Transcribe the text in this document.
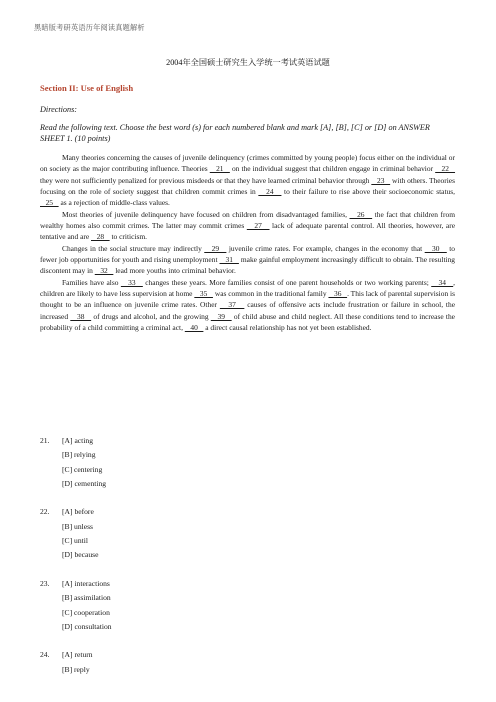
黑暗版考研英语历年阅读真题解析
2004年全国硕士研究生入学统一考试英语试题
Section II: Use of English
Directions:
Read the following text. Choose the best word (s) for each numbered blank and mark [A], [B], [C] or [D] on ANSWER SHEET 1. (10 points)

Many theories concerning the causes of juvenile delinquency (crimes committed by young people) focus either on the individual or on society as the major contributing influence. Theories    21    on the individual suggest that children engage in criminal behavior    22    they were not sufficiently penalized for previous misdeeds or that they have learned criminal behavior through    23    with others. Theories focusing on the role of society suggest that children commit crimes in    24    to their failure to rise above their socioeconomic status,    25    as a rejection of middle-class values.

Most theories of juvenile delinquency have focused on children from disadvantaged families,    26    the fact that children from wealthy homes also commit crimes. The latter may commit crimes    27    lack of adequate parental control. All theories, however, are tentative and are    28    to criticism.

Changes in the social structure may indirectly    29    juvenile crime rates. For example, changes in the economy that    30    to fewer job opportunities for youth and rising unemployment    31    make gainful employment increasingly difficult to obtain. The resulting discontent may in    32    lead more youths into criminal behavior.

Families have also    33    changes these years. More families consist of one parent households or two working parents;    34   , children are likely to have less supervision at home    35    was common in the traditional family    36   . This lack of parental supervision is thought to be an influence on juvenile crime rates. Other    37    causes of offensive acts include frustration or failure in school, the increased    38    of drugs and alcohol, and the growing    39    of child abuse and child neglect. All these conditions tend to increase the probability of a child committing a criminal act,    40    a direct causal relationship has not yet been established.

21.	[A] acting
[B] relying
[C] centering
[D] cementing
22.	[A] before
[B] unless
[C] until
[D] because
23.	[A] interactions
[B] assimilation
[C] cooperation
[D] consultation
24.	[A] return
[B] reply
